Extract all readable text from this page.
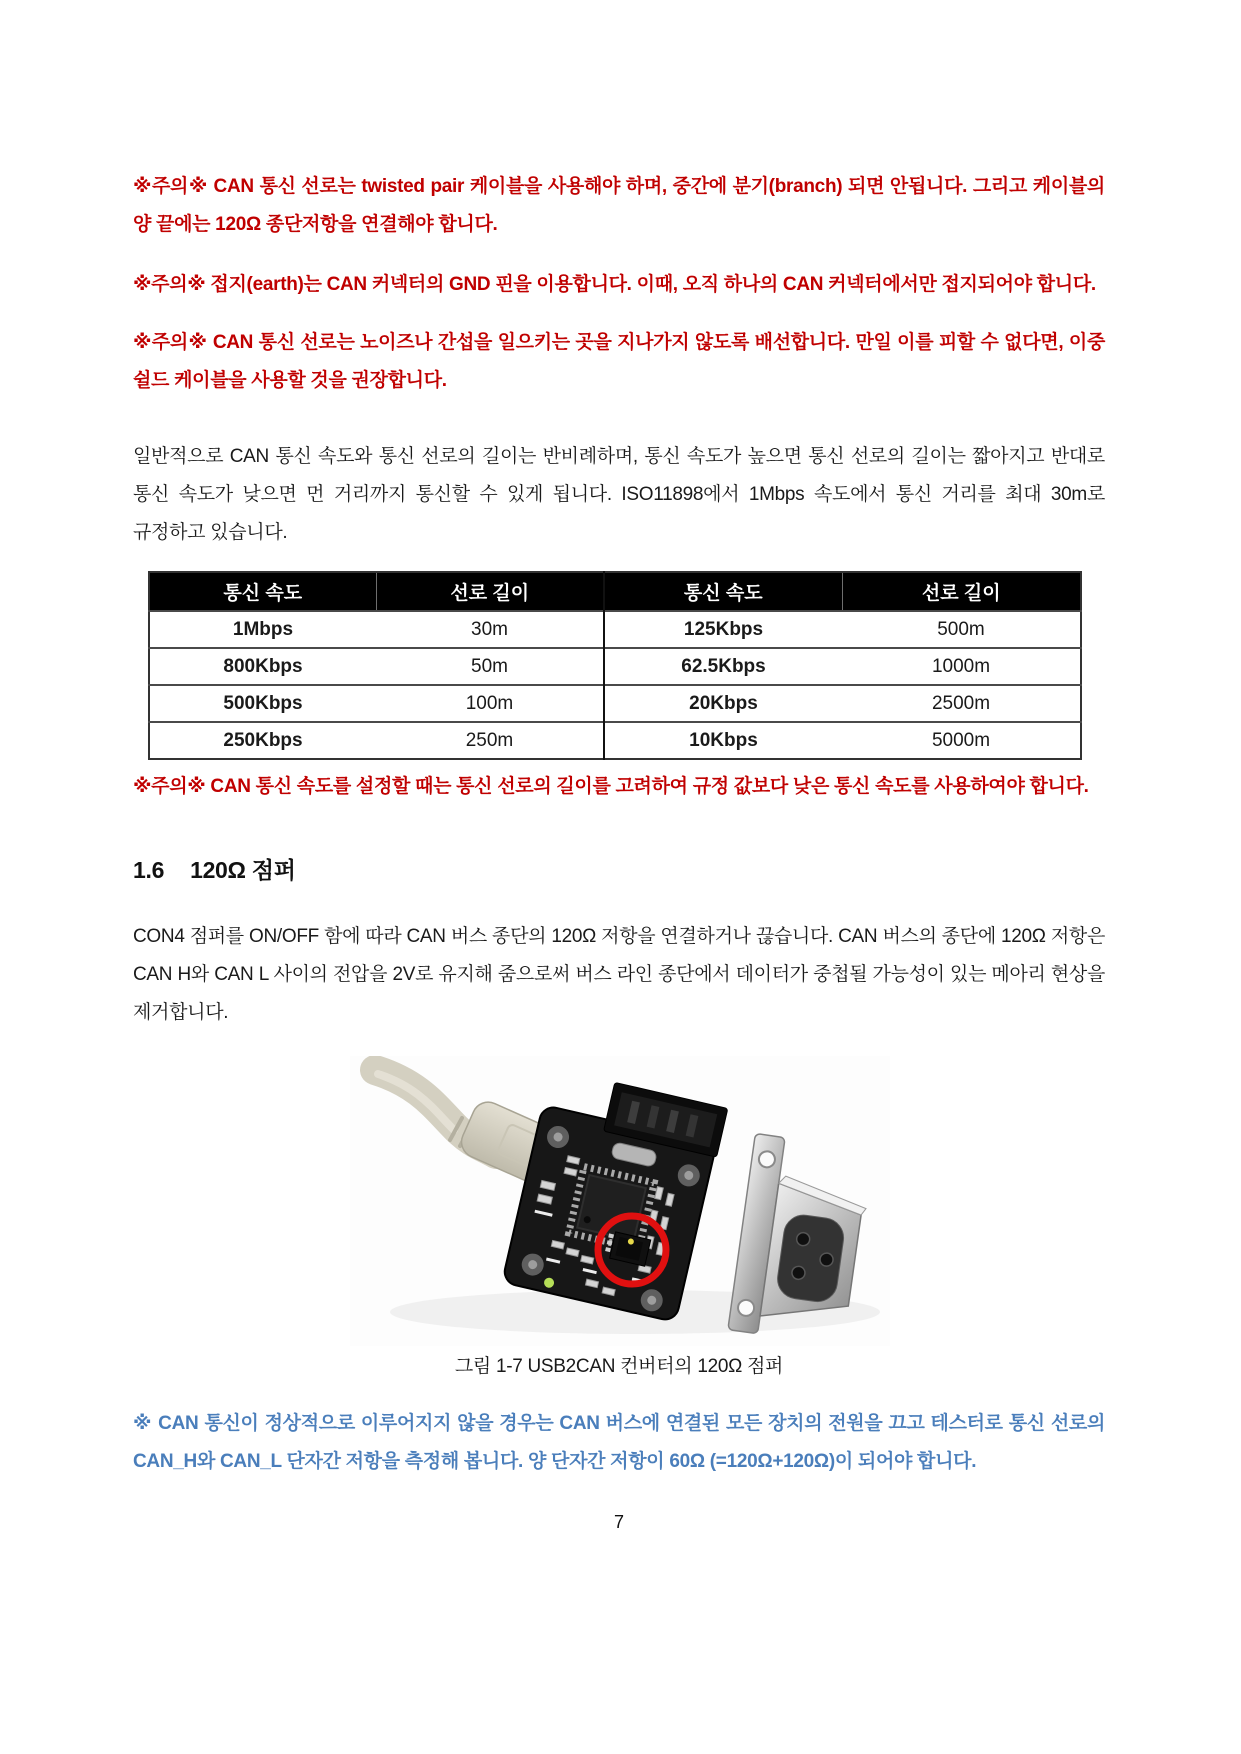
※주의※ CAN 통신 선로는 twisted pair 케이블을 사용해야 하며, 중간에 분기(branch) 되면 안됩니다. 그리고 케이블의 양 끝에는 120Ω 종단저항을 연결해야 합니다.

※주의※ 접지(earth)는 CAN 커넥터의 GND 핀을 이용합니다. 이때, 오직 하나의 CAN 커넥터에서만 접지되어야 합니다.

※주의※ CAN 통신 선로는 노이즈나 간섭을 일으키는 곳을 지나가지 않도록 배선합니다. 만일 이를 피할 수 없다면, 이중 쉴드 케이블을 사용할 것을 권장합니다.

일반적으로 CAN 통신 속도와 통신 선로의 길이는 반비례하며, 통신 속도가 높으면 통신 선로의 길이는 짧아지고 반대로 통신 속도가 낮으면 먼 거리까지 통신할 수 있게 됩니다. ISO11898에서 1Mbps 속도에서 통신 거리를 최대 30m로 규정하고 있습니다.

통신 속도	선로 길이	통신 속도	선로 길이
1Mbps	30m	125Kbps	500m
800Kbps	50m	62.5Kbps	1000m
500Kbps	100m	20Kbps	2500m
250Kbps	250m	10Kbps	5000m

※주의※ CAN 통신 속도를 설정할 때는 통신 선로의 길이를 고려하여 규정 값보다 낮은 통신 속도를 사용하여야 합니다.

1.6 120Ω 점퍼

CON4 점퍼를 ON/OFF 함에 따라 CAN 버스 종단의 120Ω 저항을 연결하거나 끊습니다. CAN 버스의 종단에 120Ω 저항은 CAN H와 CAN L 사이의 전압을 2V로 유지해 줌으로써 버스 라인 종단에서 데이터가 중첩될 가능성이 있는 메아리 현상을 제거합니다.

그림 1-7 USB2CAN 컨버터의 120Ω 점퍼

※ CAN 통신이 정상적으로 이루어지지 않을 경우는 CAN 버스에 연결된 모든 장치의 전원을 끄고 테스터로 통신 선로의 CAN_H와 CAN_L 단자간 저항을 측정해 봅니다. 양 단자간 저항이 60Ω (=120Ω+120Ω)이 되어야 합니다.

7
